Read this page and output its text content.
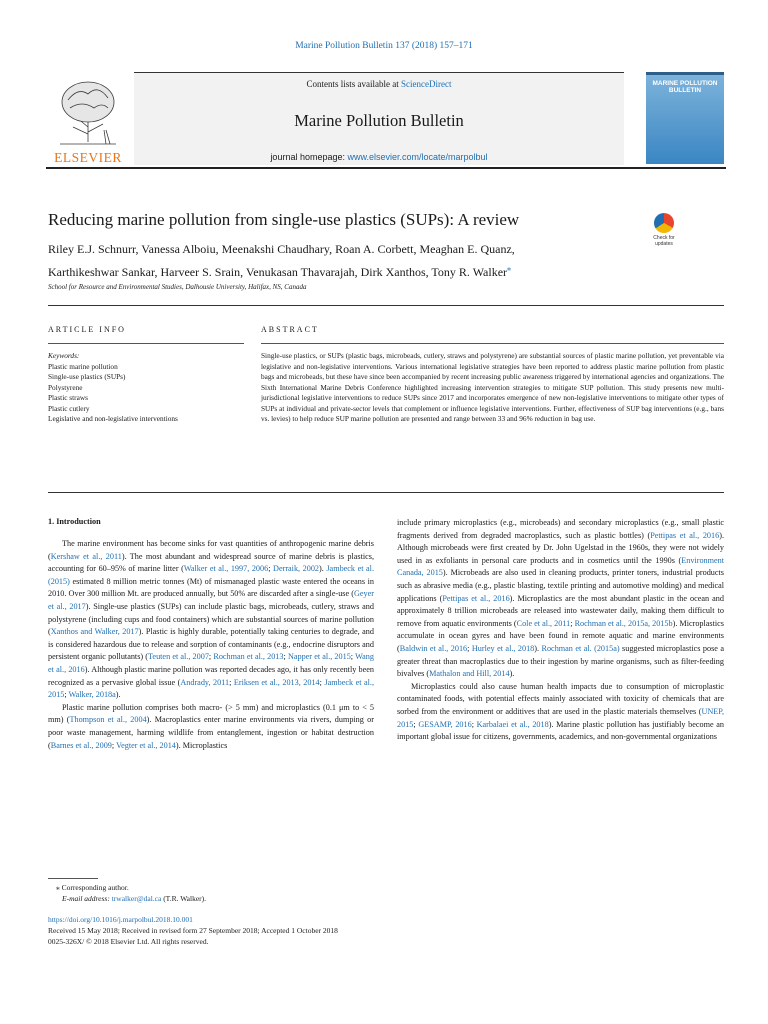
Marine Pollution Bulletin 137 (2018) 157–171
ELSEVIER
Contents lists available at ScienceDirect
Marine Pollution Bulletin
journal homepage: www.elsevier.com/locate/marpolbul
MARINE POLLUTION BULLETIN
Reducing marine pollution from single-use plastics (SUPs): A review
Check for updates
Riley E.J. Schnurr, Vanessa Alboiu, Meenakshi Chaudhary, Roan A. Corbett, Meaghan E. Quanz,
Karthikeshwar Sankar, Harveer S. Srain, Venukasan Thavarajah, Dirk Xanthos, Tony R. Walker⁎
School for Resource and Environmental Studies, Dalhousie University, Halifax, NS, Canada
ARTICLE INFO	ABSTRACT
Keywords:
Plastic marine pollution
Single-use plastics (SUPs)
Polystyrene
Plastic straws
Plastic cutlery
Legislative and non-legislative interventions
Single-use plastics, or SUPs (plastic bags, microbeads, cutlery, straws and polystyrene) are substantial sources of plastic marine pollution, yet preventable via legislative and non-legislative interventions. Various international legislative strategies have been reported to address plastic marine pollution from plastic bags and microbeads, but these have since been accompanied by recent increasing public awareness triggered by international agencies and organizations. The Sixth International Marine Debris Conference highlighted increasing intervention strategies to mitigate SUP pollution. This study presents new multi-jurisdictional legislative interventions to reduce SUPs since 2017 and incorporates emergence of new non-legislative interventions to mitigate other types of SUPs at individual and private-sector levels that complement or influence legislative interventions. Further, effectiveness of SUP bag interventions (e.g., bans vs. levies) to help reduce SUP marine pollution are presented and range between 33 and 96% reduction in bag use.
1. Introduction

The marine environment has become sinks for vast quantities of anthropogenic marine debris (Kershaw et al., 2011). The most abundant and widespread source of marine debris is plastics, accounting for 60–95% of marine litter (Walker et al., 1997, 2006; Derraik, 2002). Jambeck et al. (2015) estimated 8 million metric tonnes (Mt) of mismanaged plastic waste entered the oceans in 2010. Over 300 million Mt. are produced annually, but 50% are discarded after a single-use (Geyer et al., 2017). Single-use plastics (SUPs) can include plastic bags, microbeads, cutlery, straws and polystyrene (including cups and food containers) which are substantial sources of marine pollution (Xanthos and Walker, 2017). Plastic is highly durable, potentially taking centuries to degrade, and is considered hazardous due to release and sorption of contaminants (e.g., endocrine disruptors and persistent organic pollutants) (Teuten et al., 2007; Rochman et al., 2013; Napper et al., 2015; Wang et al., 2016). Although plastic marine pollution was reported decades ago, it has only recently been recognized as a pervasive global issue (Andrady, 2011; Eriksen et al., 2013, 2014; Jambeck et al., 2015; Walker, 2018a).

Plastic marine pollution comprises both macro- (> 5 mm) and microplastics (0.1 μm to < 5 mm) (Thompson et al., 2004). Macroplastics enter marine environments via rivers, dumping or poor waste management, harming wildlife from entanglement, ingestion or habitat destruction (Barnes et al., 2009; Vegter et al., 2014). Microplastics

include primary microplastics (e.g., microbeads) and secondary microplastics (e.g., small plastic fragments derived from degraded macroplastics, such as plastic bottles) (Pettipas et al., 2016). Although microbeads were first created by Dr. John Ugelstad in the 1960s, they were not widely used in as exfoliants in personal care products and in cosmetics until the 1990s (Environment Canada, 2015). Microbeads are also used in cleaning products, printer toners, industrial products such as abrasive media (e.g., plastic blasting, textile printing and automotive molding) and medical applications (Pettipas et al., 2016). Microplastics are the most abundant plastic in the ocean and approximately 8 trillion microbeads are released into wastewater daily, making them difficult to remove from aquatic environments (Cole et al., 2011; Rochman et al., 2015a, 2015b). Microplastics accumulate in ocean gyres and have been found in remote aquatic and marine environments (Baldwin et al., 2016; Hurley et al., 2018). Rochman et al. (2015a) suggested microplastics pose a greater threat than macroplastics due to their ingestion by marine organisms, such as filter-feeding bivalves (Mathalon and Hill, 2014).

Microplastics could also cause human health impacts due to consumption of microplastic contaminated foods, with potential effects mainly associated with toxicity of chemicals that are sorbed from the environment or additives that are used in the plastic materials themselves (UNEP, 2015; GESAMP, 2016; Karbalaei et al., 2018). Marine plastic pollution has justifiably become an important global issue for citizens, governments, academics, and non-governmental organizations

⁎ Corresponding author.
E-mail address: trwalker@dal.ca (T.R. Walker).
https://doi.org/10.1016/j.marpolbul.2018.10.001
Received 15 May 2018; Received in revised form 27 September 2018; Accepted 1 October 2018
0025-326X/ © 2018 Elsevier Ltd. All rights reserved.
